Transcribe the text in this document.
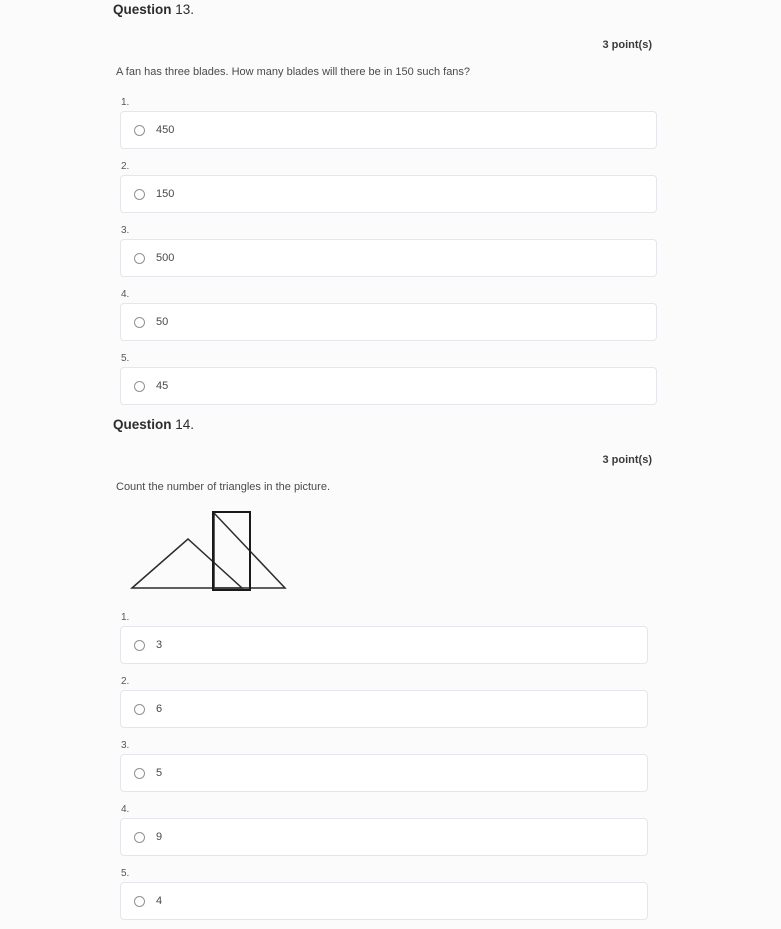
Question 13.
3 point(s)

A fan has three blades. How many blades will there be in 150 such fans?

1.
450
2.
150
3.
500
4.
50
5.
45
Question 14.
3 point(s)

Count the number of triangles in the picture.

1.
3
2.
6
3.
5
4.
9
5.
4
